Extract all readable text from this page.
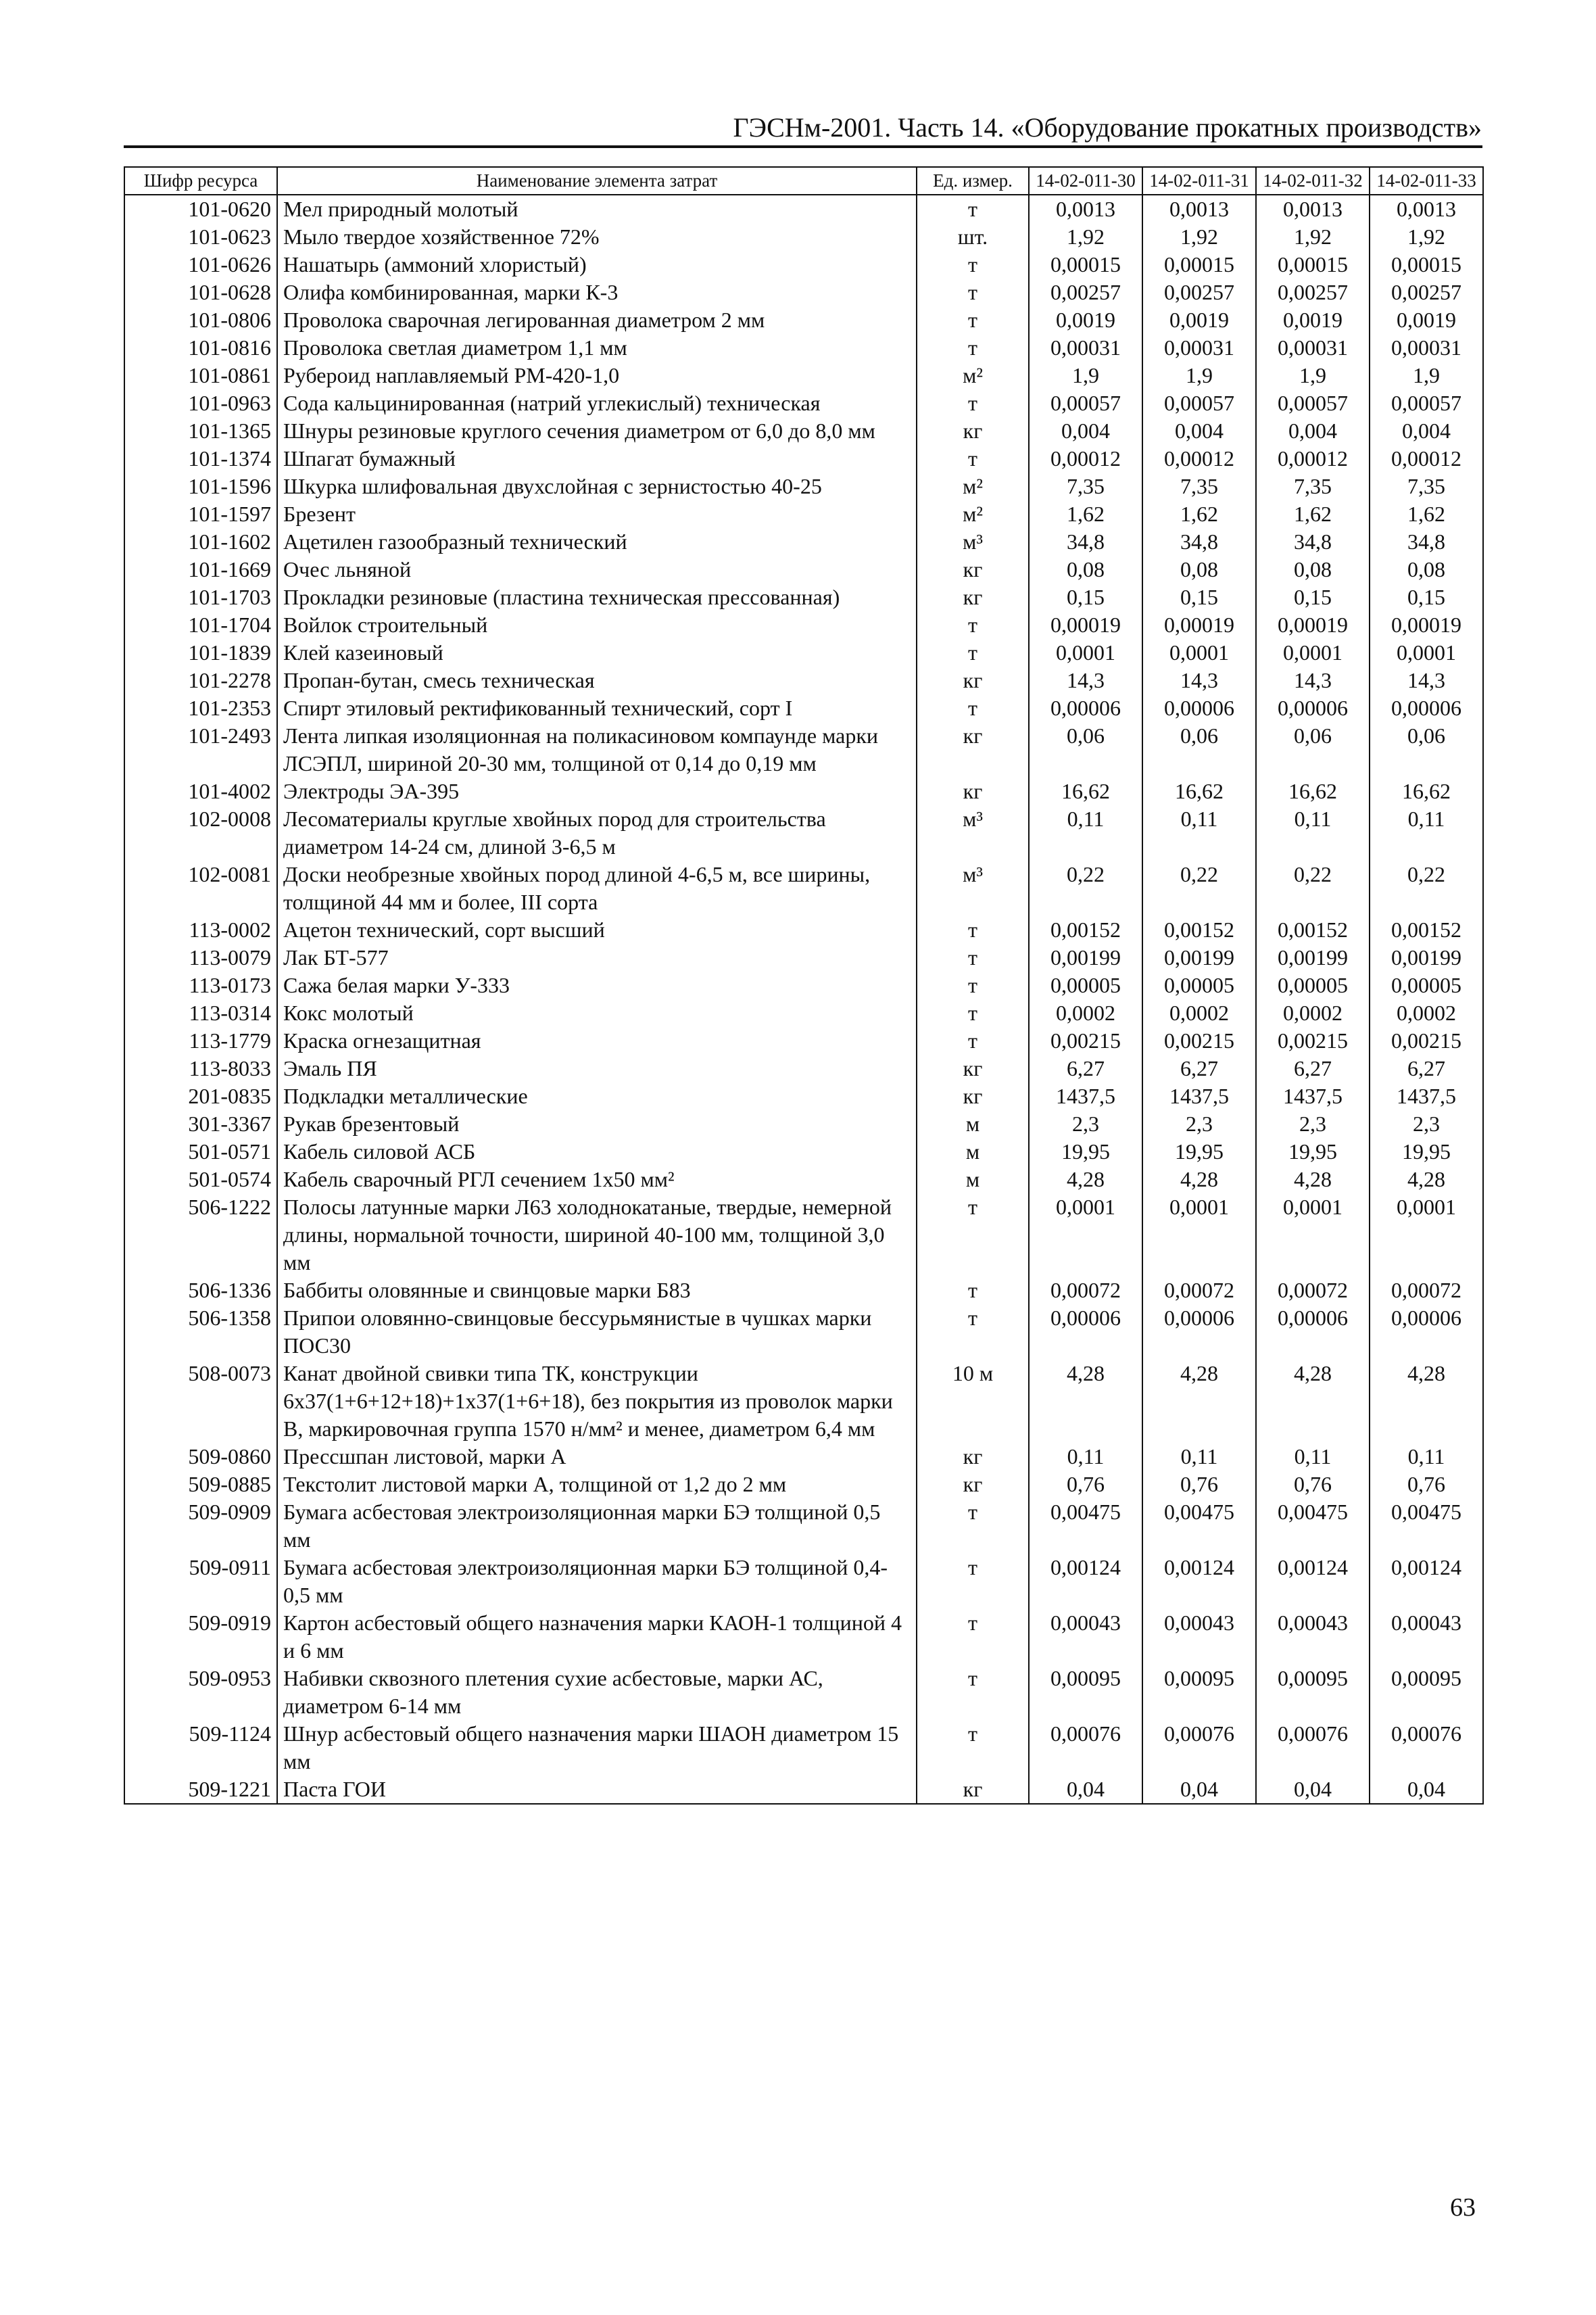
ГЭСНм-2001. Часть 14. «Оборудование прокатных производств»
Шифр ресурса	Наименование элемента затрат	Ед. измер.	14-02-011-30	14-02-011-31	14-02-011-32	14-02-011-33
101-0620	Мел природный молотый	т	0,0013	0,0013	0,0013	0,0013
101-0623	Мыло твердое хозяйственное 72%	шт.	1,92	1,92	1,92	1,92
101-0626	Нашатырь (аммоний хлористый)	т	0,00015	0,00015	0,00015	0,00015
101-0628	Олифа комбинированная, марки К-3	т	0,00257	0,00257	0,00257	0,00257
101-0806	Проволока сварочная легированная диаметром 2 мм	т	0,0019	0,0019	0,0019	0,0019
101-0816	Проволока светлая диаметром 1,1 мм	т	0,00031	0,00031	0,00031	0,00031
101-0861	Рубероид наплавляемый РМ-420-1,0	м²	1,9	1,9	1,9	1,9
101-0963	Сода кальцинированная (натрий углекислый) техническая	т	0,00057	0,00057	0,00057	0,00057
101-1365	Шнуры резиновые круглого сечения диаметром от 6,0 до 8,0 мм	кг	0,004	0,004	0,004	0,004
101-1374	Шпагат бумажный	т	0,00012	0,00012	0,00012	0,00012
101-1596	Шкурка шлифовальная двухслойная с зернистостью 40-25	м²	7,35	7,35	7,35	7,35
101-1597	Брезент	м²	1,62	1,62	1,62	1,62
101-1602	Ацетилен газообразный технический	м³	34,8	34,8	34,8	34,8
101-1669	Очес льняной	кг	0,08	0,08	0,08	0,08
101-1703	Прокладки резиновые (пластина техническая прессованная)	кг	0,15	0,15	0,15	0,15
101-1704	Войлок строительный	т	0,00019	0,00019	0,00019	0,00019
101-1839	Клей казеиновый	т	0,0001	0,0001	0,0001	0,0001
101-2278	Пропан-бутан, смесь техническая	кг	14,3	14,3	14,3	14,3
101-2353	Спирт этиловый ректификованный технический, сорт I	т	0,00006	0,00006	0,00006	0,00006
101-2493	Лента липкая изоляционная на поликасиновом компаунде марки ЛСЭПЛ, шириной 20-30 мм, толщиной от 0,14 до 0,19 мм	кг	0,06	0,06	0,06	0,06
101-4002	Электроды ЭА-395	кг	16,62	16,62	16,62	16,62
102-0008	Лесоматериалы круглые хвойных пород для строительства диаметром 14-24 см, длиной 3-6,5 м	м³	0,11	0,11	0,11	0,11
102-0081	Доски необрезные хвойных пород длиной 4-6,5 м, все ширины, толщиной 44 мм и более, III сорта	м³	0,22	0,22	0,22	0,22
113-0002	Ацетон технический, сорт высший	т	0,00152	0,00152	0,00152	0,00152
113-0079	Лак БТ-577	т	0,00199	0,00199	0,00199	0,00199
113-0173	Сажа белая марки У-333	т	0,00005	0,00005	0,00005	0,00005
113-0314	Кокс молотый	т	0,0002	0,0002	0,0002	0,0002
113-1779	Краска огнезащитная	т	0,00215	0,00215	0,00215	0,00215
113-8033	Эмаль ПЯ	кг	6,27	6,27	6,27	6,27
201-0835	Подкладки металлические	кг	1437,5	1437,5	1437,5	1437,5
301-3367	Рукав брезентовый	м	2,3	2,3	2,3	2,3
501-0571	Кабель силовой АСБ	м	19,95	19,95	19,95	19,95
501-0574	Кабель сварочный РГЛ сечением 1х50 мм²	м	4,28	4,28	4,28	4,28
506-1222	Полосы латунные марки Л63 холоднокатаные, твердые, немерной длины, нормальной точности, шириной 40-100 мм, толщиной 3,0 мм	т	0,0001	0,0001	0,0001	0,0001
506-1336	Баббиты оловянные и свинцовые марки Б83	т	0,00072	0,00072	0,00072	0,00072
506-1358	Припои оловянно-свинцовые бессурьмянистые в чушках марки ПОС30	т	0,00006	0,00006	0,00006	0,00006
508-0073	Канат двойной свивки типа ТК, конструкции 6х37(1+6+12+18)+1х37(1+6+18), без покрытия из проволок марки В, маркировочная группа 1570 н/мм² и менее, диаметром 6,4 мм	10 м	4,28	4,28	4,28	4,28
509-0860	Прессшпан листовой, марки А	кг	0,11	0,11	0,11	0,11
509-0885	Текстолит листовой марки А, толщиной от 1,2 до 2 мм	кг	0,76	0,76	0,76	0,76
509-0909	Бумага асбестовая электроизоляционная марки БЭ толщиной 0,5 мм	т	0,00475	0,00475	0,00475	0,00475
509-0911	Бумага асбестовая электроизоляционная марки БЭ толщиной 0,4-0,5 мм	т	0,00124	0,00124	0,00124	0,00124
509-0919	Картон асбестовый общего назначения марки КАОН-1 толщиной 4 и 6 мм	т	0,00043	0,00043	0,00043	0,00043
509-0953	Набивки сквозного плетения сухие асбестовые, марки АС, диаметром 6-14 мм	т	0,00095	0,00095	0,00095	0,00095
509-1124	Шнур асбестовый общего назначения марки ШАОН диаметром 15 мм	т	0,00076	0,00076	0,00076	0,00076
509-1221	Паста ГОИ	кг	0,04	0,04	0,04	0,04
63
